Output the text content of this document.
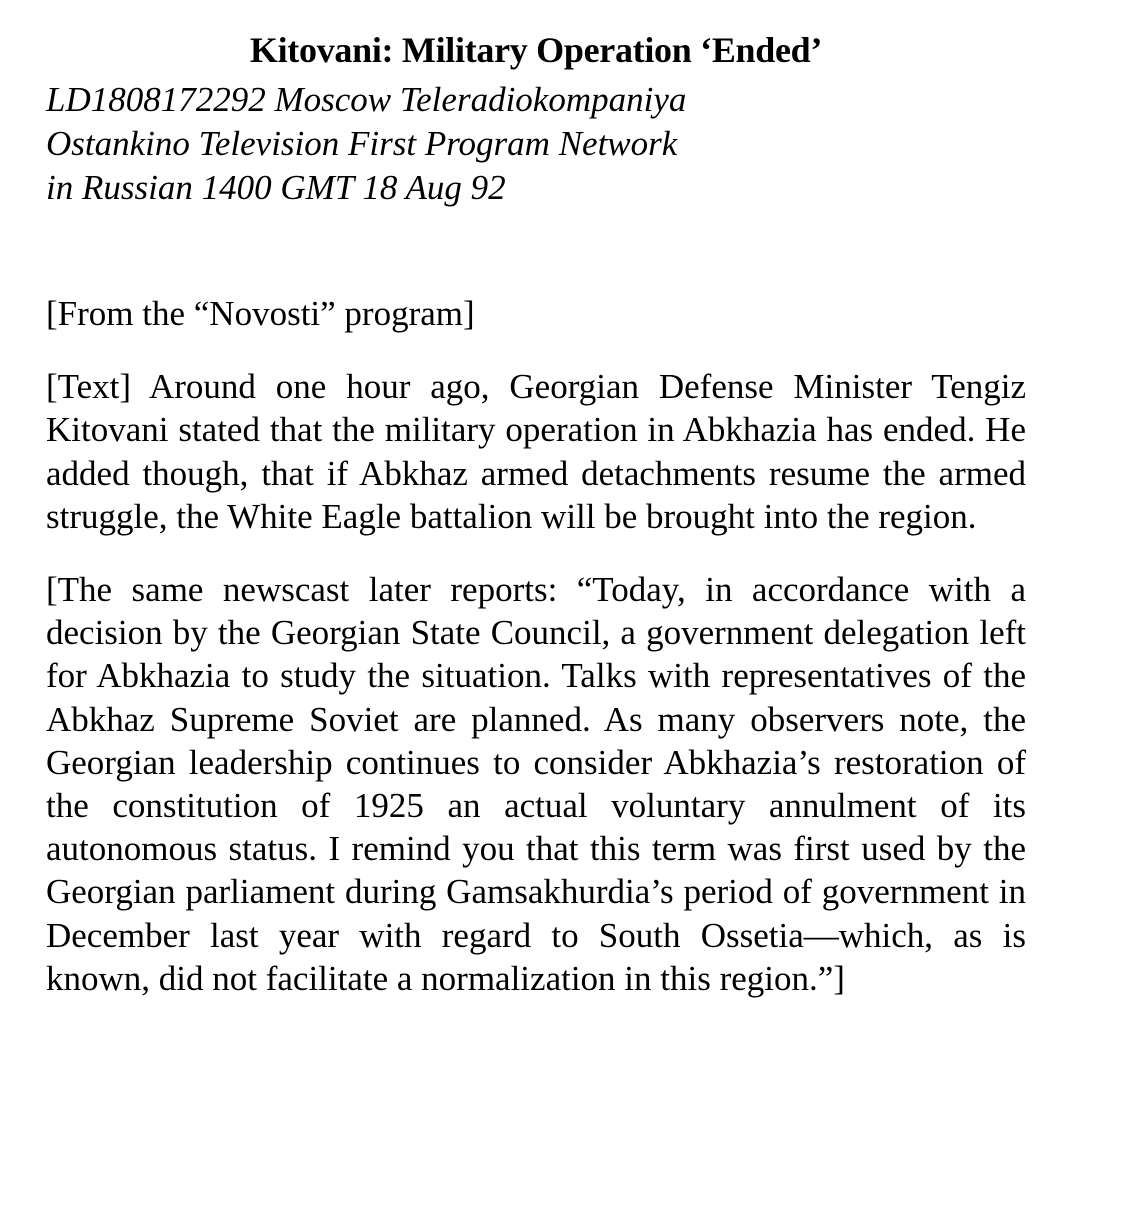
Kitovani: Military Operation ‘Ended’

LD1808172292 Moscow Teleradiokompaniya

Ostankino Television First Program Network

in Russian 1400 GMT 18 Aug 92

[From the “Novosti” program]

[Text] Around one hour ago, Georgian Defense Minister Tengiz Kitovani stated that the military operation in Abkhazia has ended. He added though, that if Abkhaz armed detachments resume the armed struggle, the White Eagle battalion will be brought into the region.

[The same newscast later reports: “Today, in accordance with a decision by the Georgian State Council, a government delegation left for Abkhazia to study the situation. Talks with representatives of the Abkhaz Supreme Soviet are planned. As many observers note, the Georgian leadership continues to consider Abkhazia’s restoration of the constitution of 1925 an actual voluntary annulment of its autonomous status. I remind you that this term was first used by the Georgian parliament during Gamsakhurdia’s period of government in December last year with regard to South Ossetia—which, as is known, did not facilitate a normalization in this region.”]
